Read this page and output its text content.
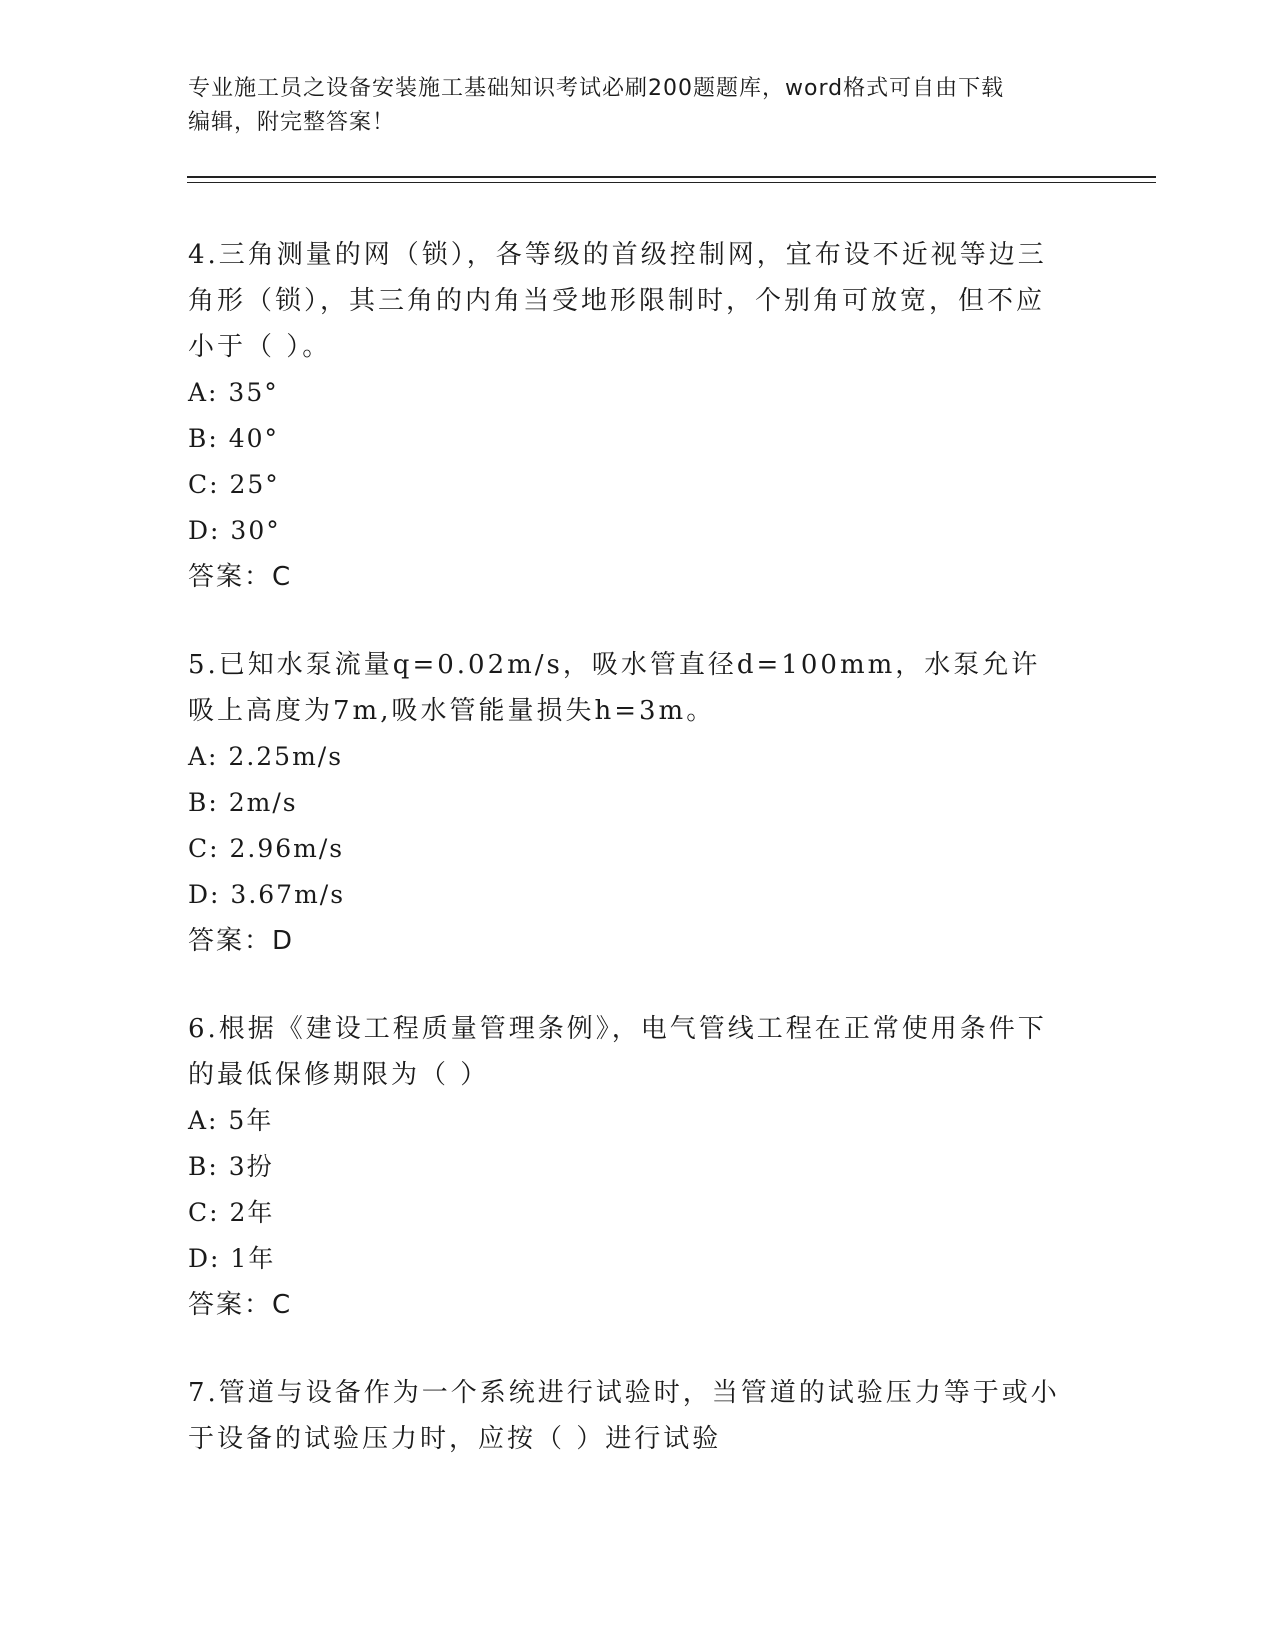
专业施工员之设备安装施工基础知识考试必刷200题题库，word格式可自由下载
编辑，附完整答案！

4.三角测量的网（锁），各等级的首级控制网，宜布设不近视等边三角形（锁），其三角的内角当受地形限制时，个别角可放宽，但不应小于（ ）。

A: 35°

B: 40°

C: 25°

D: 30°

答案：C

5.已知水泵流量q=0.02m/s，吸水管直径d=100mm，水泵允许吸上高度为7m,吸水管能量损失h=3m。

A: 2.25m/s

B: 2m/s

C: 2.96m/s

D: 3.67m/s

答案：D

6.根据《建设工程质量管理条例》，电气管线工程在正常使用条件下的最低保修期限为（ ）

A: 5年

B: 3扮

C: 2年

D: 1年

答案：C

7.管道与设备作为一个系统进行试验时，当管道的试验压力等于或小于设备的试验压力时，应按（ ）进行试验
